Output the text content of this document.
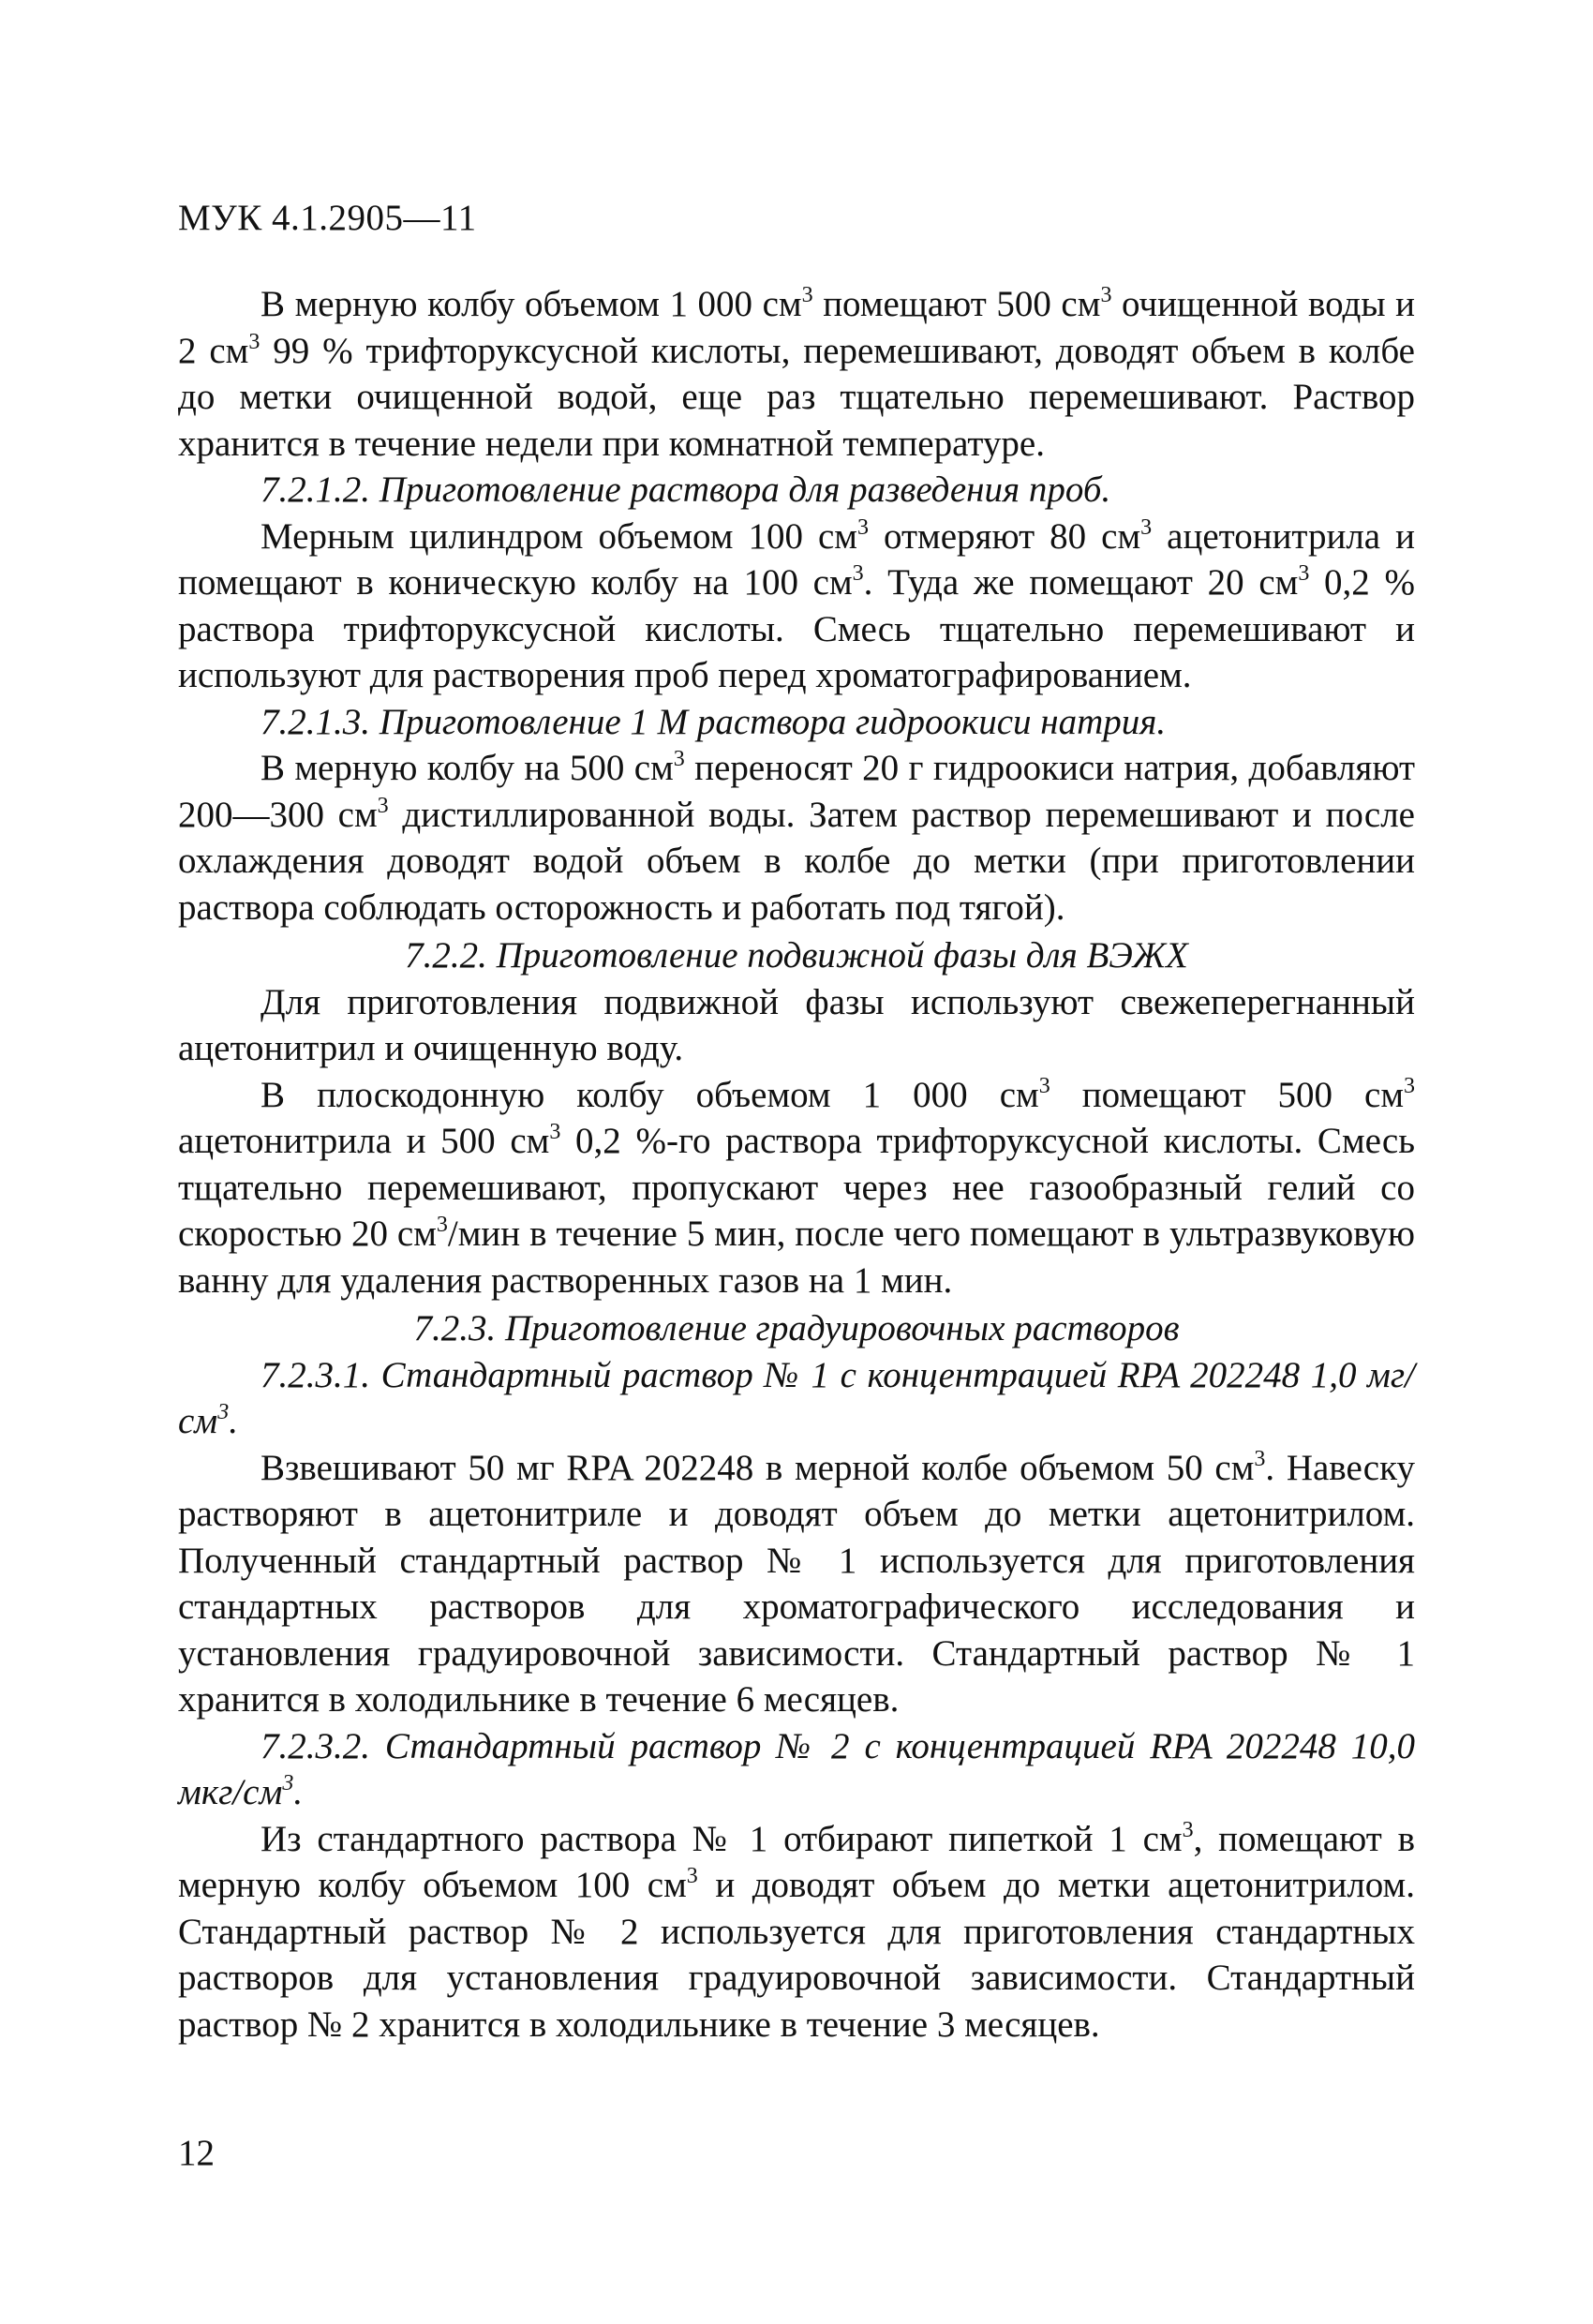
МУК 4.1.2905—11

В мерную колбу объемом 1 000 $см^3$ помещают 500 $см^3$ очищенной воды и 2 $см^3$ 99 % трифторуксусной кислоты, перемешивают, доводят объем в колбе до метки очищенной водой, еще раз тщательно перемешивают. Раствор хранится в течение недели при комнатной температуре.

7.2.1.2. Приготовление раствора для разведения проб.

Мерным цилиндром объемом 100 $см^3$ отмеряют 80 $см^3$ ацетонитрила и помещают в коническую колбу на 100 $см^3$. Туда же помещают 20 $см^3$ 0,2 % раствора трифторуксусной кислоты. Смесь тщательно перемешивают и используют для растворения проб перед хроматографированием.

7.2.1.3. Приготовление 1 М раствора гидроокиси натрия.

В мерную колбу на 500 $см^3$ переносят 20 г гидроокиси натрия, добавляют 200—300 $см^3$ дистиллированной воды. Затем раствор перемешивают и после охлаждения доводят водой объем в колбе до метки (при приготовлении раствора соблюдать осторожность и работать под тягой).

7.2.2. Приготовление подвижной фазы для ВЭЖХ

Для приготовления подвижной фазы используют свежеперегнанный ацетонитрил и очищенную воду.

В плоскодонную колбу объемом 1 000 $см^3$ помещают 500 $см^3$ ацетонитрила и 500 $см^3$ 0,2 %-го раствора трифторуксусной кислоты. Смесь тщательно перемешивают, пропускают через нее газообразный гелий со скоростью 20 $см^3$/мин в течение 5 мин, после чего помещают в ультразвуковую ванну для удаления растворенных газов на 1 мин.

7.2.3. Приготовление градуировочных растворов

7.2.3.1. Стандартный раствор № 1 с концентрацией RPA 202248 1,0 $мг/см^3$.

Взвешивают 50 мг RPA 202248 в мерной колбе объемом 50 $см^3$. Навеску растворяют в ацетонитриле и доводят объем до метки ацетонитрилом. Полученный стандартный раствор № 1 используется для приготовления стандартных растворов для хроматографического исследования и установления градуировочной зависимости. Стандартный раствор № 1 хранится в холодильнике в течение 6 месяцев.

7.2.3.2. Стандартный раствор № 2 с концентрацией RPA 202248 10,0 мкг/$см^3$.

Из стандартного раствора № 1 отбирают пипеткой 1 $см^3$, помещают в мерную колбу объемом 100 $см^3$ и доводят объем до метки ацетонитрилом. Стандартный раствор № 2 используется для приготовления стандартных растворов для установления градуировочной зависимости. Стандартный раствор № 2 хранится в холодильнике в течение 3 месяцев.

12
